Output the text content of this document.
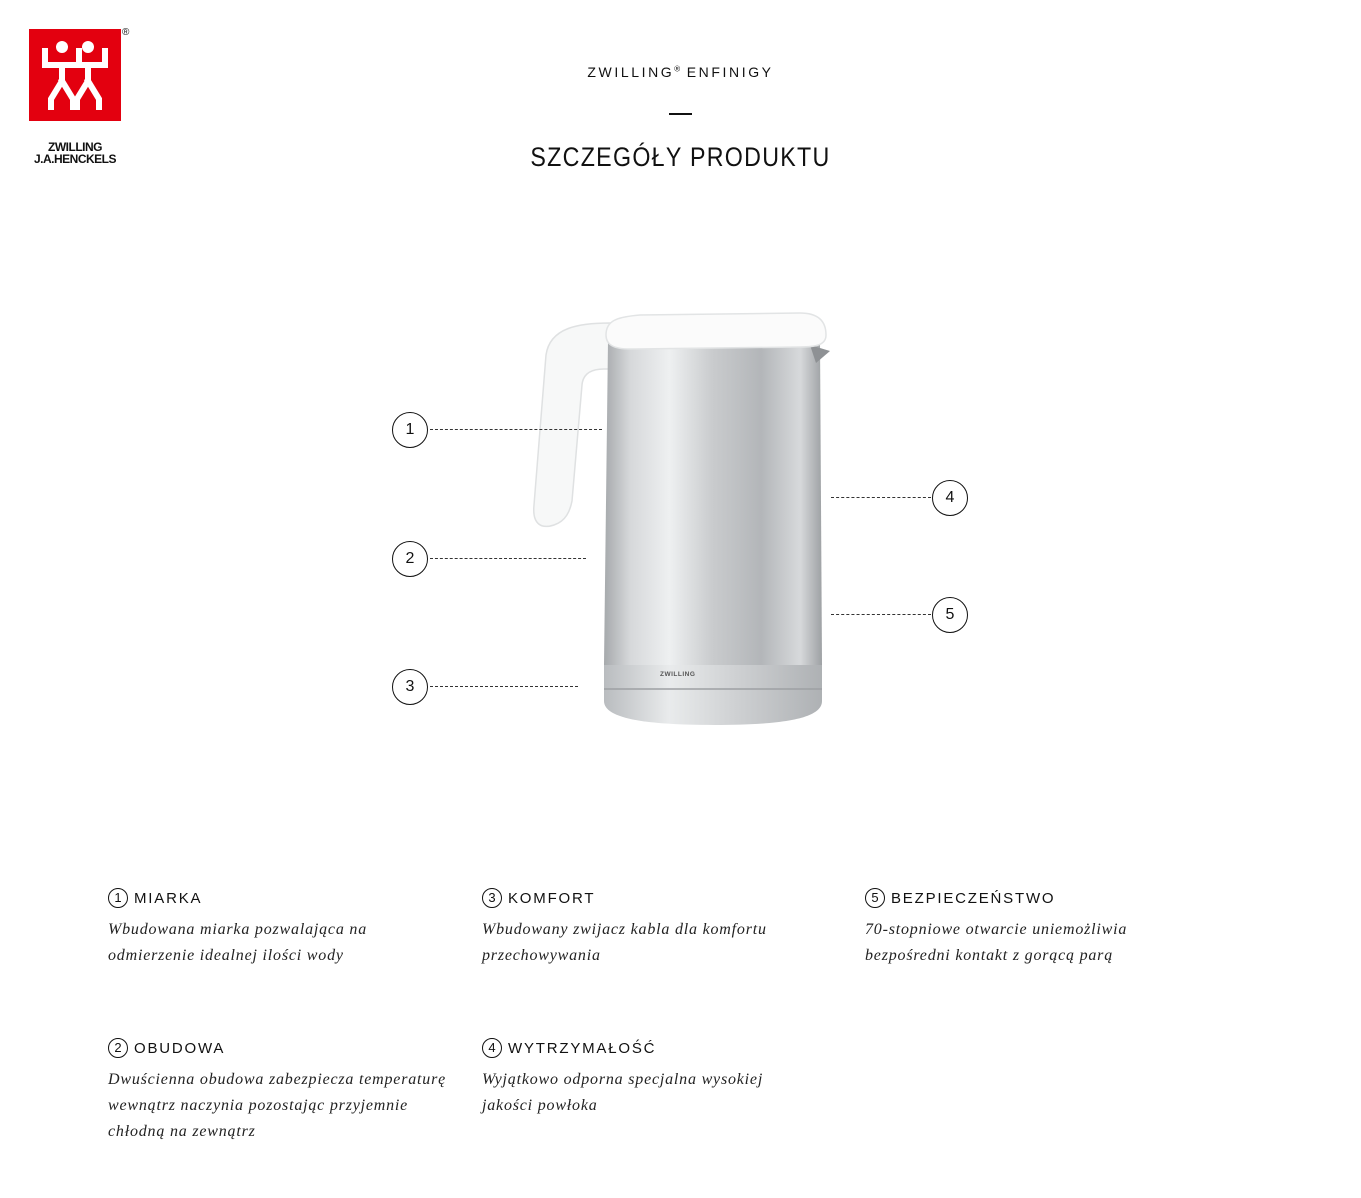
®
ZWILLING
J.A.HENCKELS
ZWILLING® ENFINIGY
SZCZEGÓŁY PRODUKTU
ZWILLING
1
2
3
4
5
1 MIARKA
Wbudowana miarka pozwalająca na odmierzenie idealnej ilości wody
2 OBUDOWA
Dwuścienna obudowa zabezpiecza temperaturę wewnątrz naczynia pozostając przyjemnie chłodną na zewnątrz
3 KOMFORT
Wbudowany zwijacz kabla dla komfortu przechowywania
4 WYTRZYMAŁOŚĆ
Wyjątkowo odporna specjalna wysokiej jakości powłoka
5 BEZPIECZEŃSTWO
70-stopniowe otwarcie uniemożliwia bezpośredni kontakt z gorącą parą
